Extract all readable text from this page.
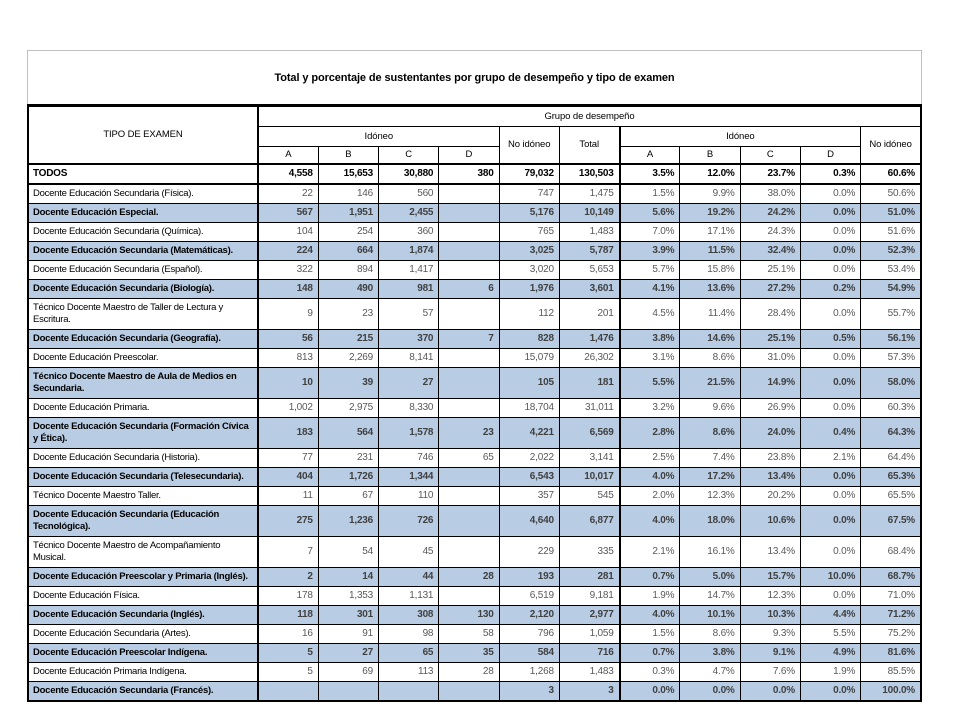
Total y porcentaje de sustentantes por grupo de desempeño y tipo de examen
TIPO DE EXAMEN	Grupo de desempeño										
	Idóneo				No idóneo	Total	Idóneo				No idóneo
	A	B	C	D			A	B	C	D	
TODOS	4,558	15,653	30,880	380	79,032	130,503	3.5%	12.0%	23.7%	0.3%	60.6%
Docente Educación Secundaria (Física).	22	146	560		747	1,475	1.5%	9.9%	38.0%	0.0%	50.6%
Docente Educación Especial.	567	1,951	2,455		5,176	10,149	5.6%	19.2%	24.2%	0.0%	51.0%
Docente Educación Secundaria (Química).	104	254	360		765	1,483	7.0%	17.1%	24.3%	0.0%	51.6%
Docente Educación Secundaria (Matemáticas).	224	664	1,874		3,025	5,787	3.9%	11.5%	32.4%	0.0%	52.3%
Docente Educación Secundaria (Español).	322	894	1,417		3,020	5,653	5.7%	15.8%	25.1%	0.0%	53.4%
Docente Educación Secundaria (Biología).	148	490	981	6	1,976	3,601	4.1%	13.6%	27.2%	0.2%	54.9%
Técnico Docente Maestro de Taller de Lectura y Escritura.	9	23	57		112	201	4.5%	11.4%	28.4%	0.0%	55.7%
Docente Educación Secundaria (Geografía).	56	215	370	7	828	1,476	3.8%	14.6%	25.1%	0.5%	56.1%
Docente Educación Preescolar.	813	2,269	8,141		15,079	26,302	3.1%	8.6%	31.0%	0.0%	57.3%
Técnico Docente Maestro de Aula de Medios en Secundaria.	10	39	27		105	181	5.5%	21.5%	14.9%	0.0%	58.0%
Docente Educación Primaria.	1,002	2,975	8,330		18,704	31,011	3.2%	9.6%	26.9%	0.0%	60.3%
Docente Educación Secundaria (Formación Cívica y Ética).	183	564	1,578	23	4,221	6,569	2.8%	8.6%	24.0%	0.4%	64.3%
Docente Educación Secundaria (Historia).	77	231	746	65	2,022	3,141	2.5%	7.4%	23.8%	2.1%	64.4%
Docente Educación Secundaria (Telesecundaria).	404	1,726	1,344		6,543	10,017	4.0%	17.2%	13.4%	0.0%	65.3%
Técnico Docente Maestro Taller.	11	67	110		357	545	2.0%	12.3%	20.2%	0.0%	65.5%
Docente Educación Secundaria (Educación Tecnológica).	275	1,236	726		4,640	6,877	4.0%	18.0%	10.6%	0.0%	67.5%
Técnico Docente Maestro de Acompañamiento Musical.	7	54	45		229	335	2.1%	16.1%	13.4%	0.0%	68.4%
Docente Educación Preescolar y Primaria (Inglés).	2	14	44	28	193	281	0.7%	5.0%	15.7%	10.0%	68.7%
Docente Educación Física.	178	1,353	1,131		6,519	9,181	1.9%	14.7%	12.3%	0.0%	71.0%
Docente Educación Secundaria (Inglés).	118	301	308	130	2,120	2,977	4.0%	10.1%	10.3%	4.4%	71.2%
Docente Educación Secundaria (Artes).	16	91	98	58	796	1,059	1.5%	8.6%	9.3%	5.5%	75.2%
Docente Educación Preescolar Indígena.	5	27	65	35	584	716	0.7%	3.8%	9.1%	4.9%	81.6%
Docente Educación Primaria Indígena.	5	69	113	28	1,268	1,483	0.3%	4.7%	7.6%	1.9%	85.5%
Docente Educación Secundaria (Francés).					3	3	0.0%	0.0%	0.0%	0.0%	100.0%
